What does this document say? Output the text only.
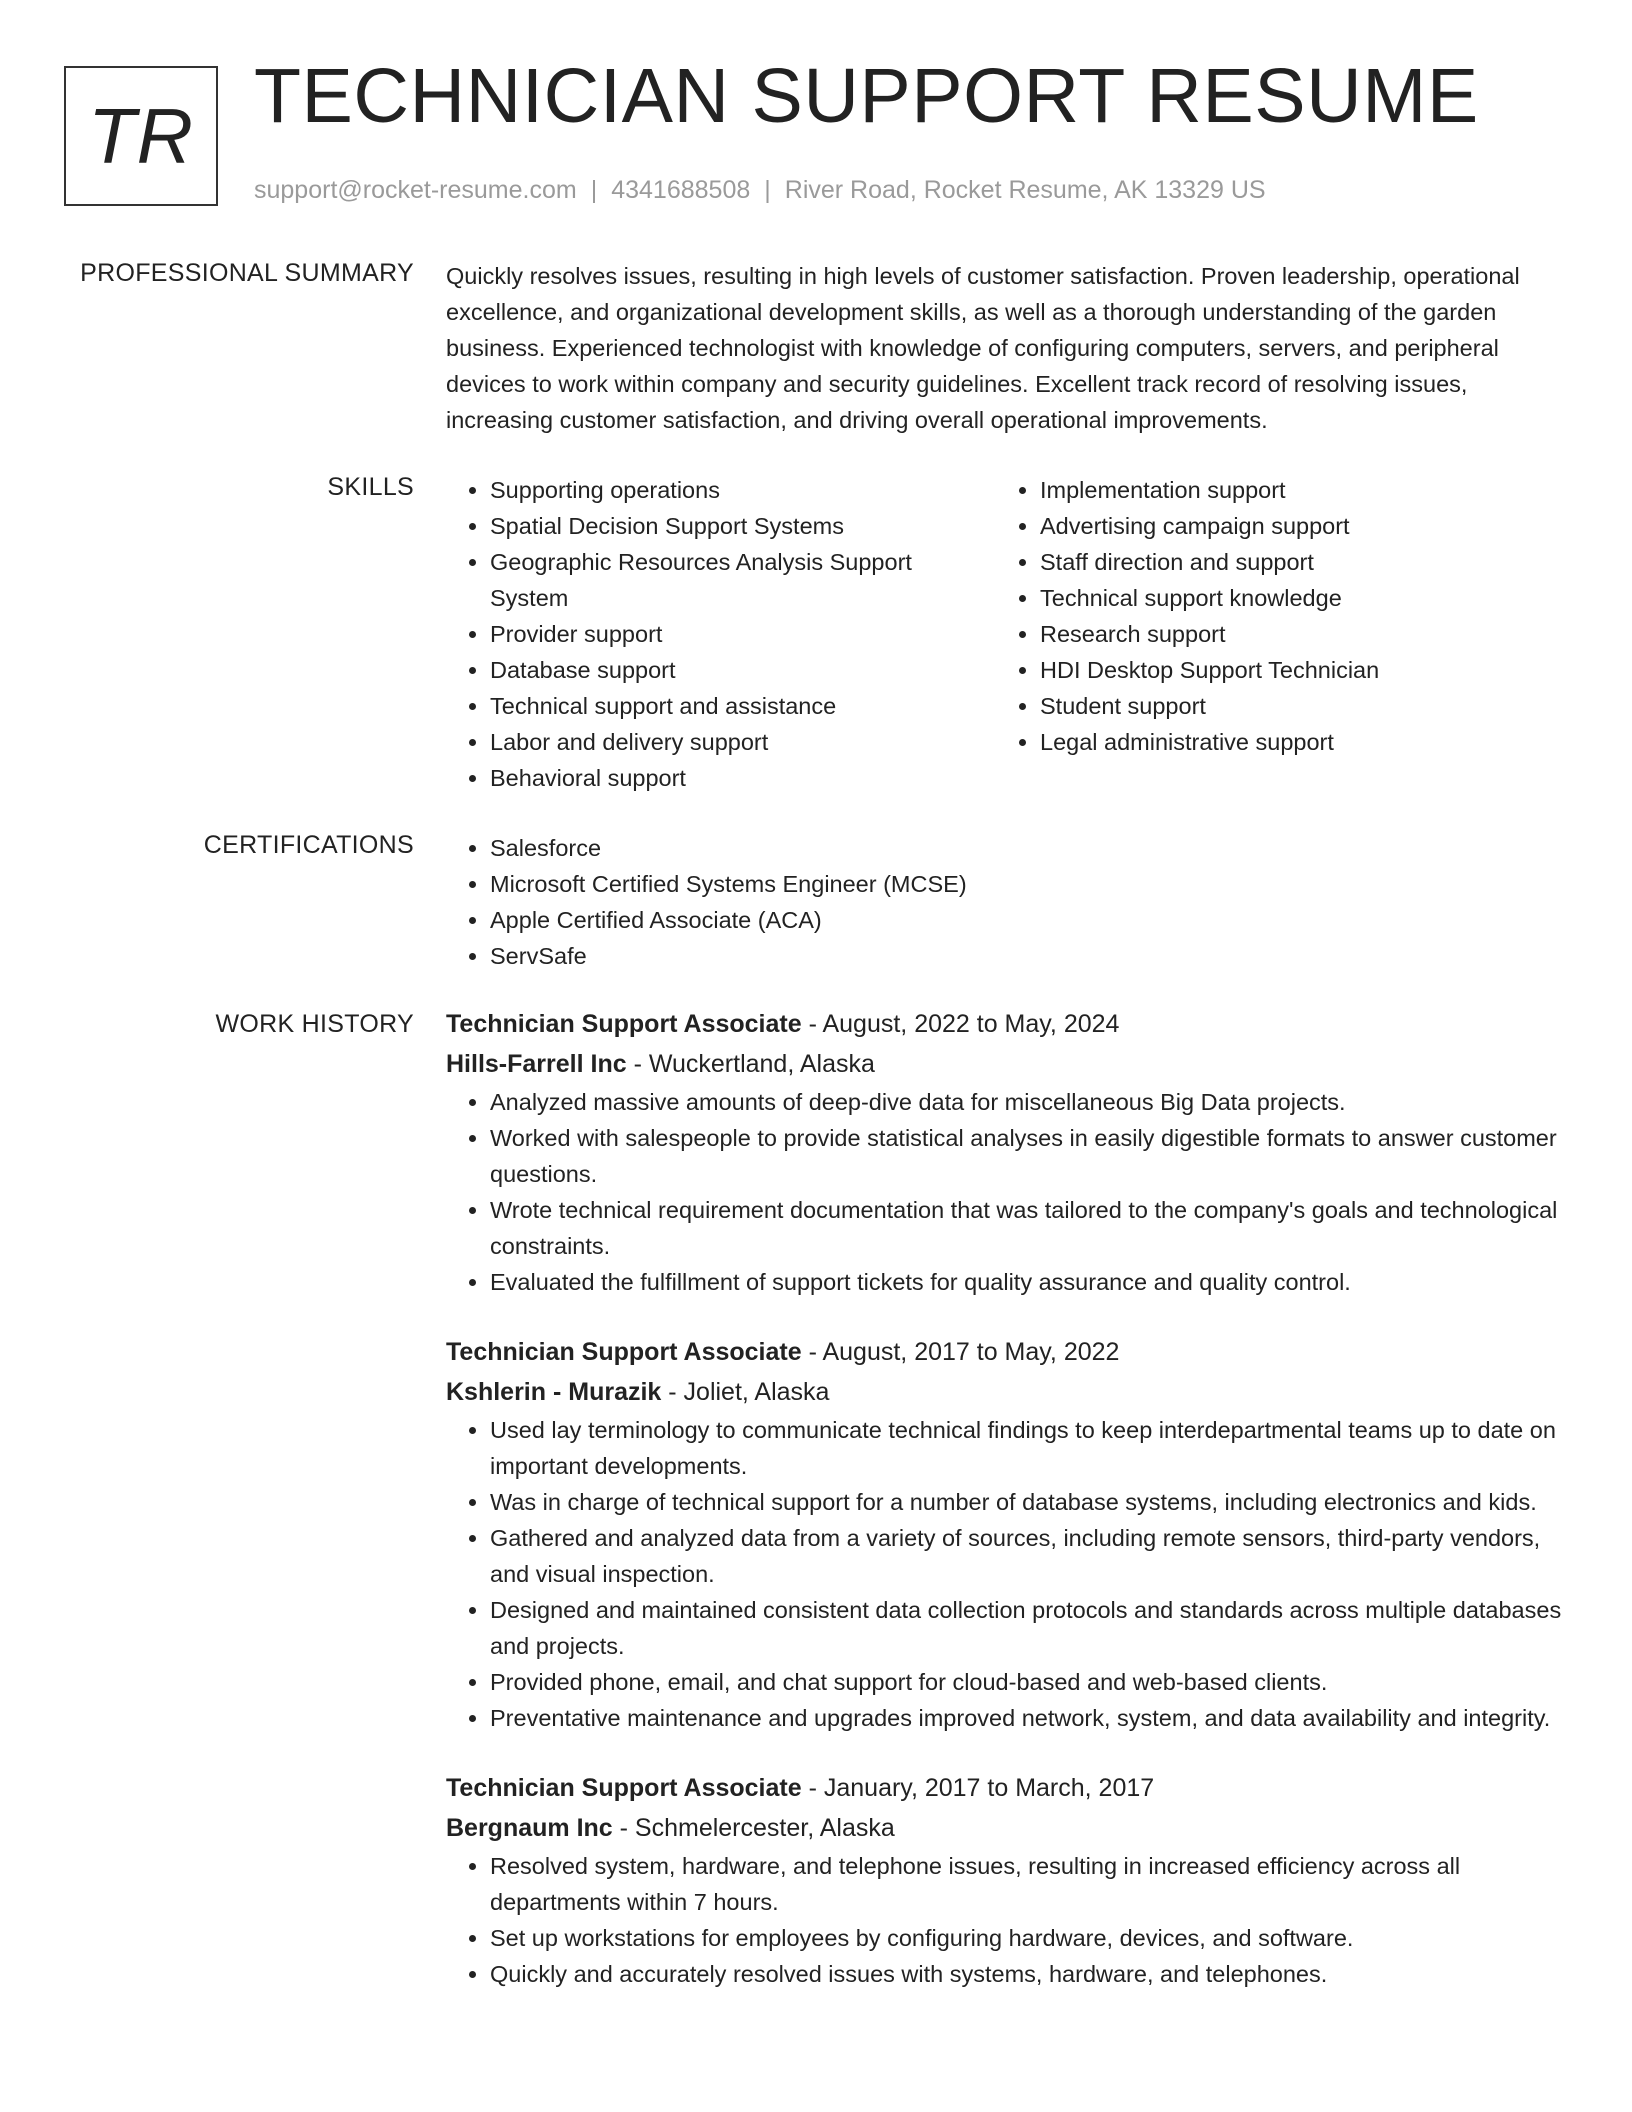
TR TECHNICIAN SUPPORT RESUME
support@rocket-resume.com | 4341688508 | River Road, Rocket Resume, AK 13329 US
PROFESSIONAL SUMMARY Quickly resolves issues, resulting in high levels of customer satisfaction. Proven leadership, operational excellence, and organizational development skills, as well as a thorough understanding of the garden business. Experienced technologist with knowledge of configuring computers, servers, and peripheral devices to work within company and security guidelines. Excellent track record of resolving issues, increasing customer satisfaction, and driving overall operational improvements.

SKILLS	• Supporting operations
• Spatial Decision Support Systems
• Geographic Resources Analysis Support System
• Provider support
• Database support
• Technical support and assistance
• Labor and delivery support
• Behavioral support
• Implementation support
• Advertising campaign support
• Staff direction and support
• Technical support knowledge
• Research support
• HDI Desktop Support Technician
• Student support
• Legal administrative support
CERTIFICATIONS	• Salesforce
• Microsoft Certified Systems Engineer (MCSE)
• Apple Certified Associate (ACA)
• ServSafe
WORK HISTORY Technician Support Associate - August, 2022 to May, 2024
Hills-Farrell Inc - Wuckertland, Alaska
• Analyzed massive amounts of deep-dive data for miscellaneous Big Data projects.
• Worked with salespeople to provide statistical analyses in easily digestible formats to answer customer questions.
• Wrote technical requirement documentation that was tailored to the company's goals and technological constraints.
• Evaluated the fulfillment of support tickets for quality assurance and quality control.
Technician Support Associate - August, 2017 to May, 2022
Kshlerin - Murazik - Joliet, Alaska
• Used lay terminology to communicate technical findings to keep interdepartmental teams up to date on important developments.
• Was in charge of technical support for a number of database systems, including electronics and kids.
• Gathered and analyzed data from a variety of sources, including remote sensors, third-party vendors, and visual inspection.
• Designed and maintained consistent data collection protocols and standards across multiple databases and projects.
• Provided phone, email, and chat support for cloud-based and web-based clients.
• Preventative maintenance and upgrades improved network, system, and data availability and integrity.
Technician Support Associate - January, 2017 to March, 2017
Bergnaum Inc - Schmelercester, Alaska
• Resolved system, hardware, and telephone issues, resulting in increased efficiency across all departments within 7 hours.
• Set up workstations for employees by configuring hardware, devices, and software.
• Quickly and accurately resolved issues with systems, hardware, and telephones.
